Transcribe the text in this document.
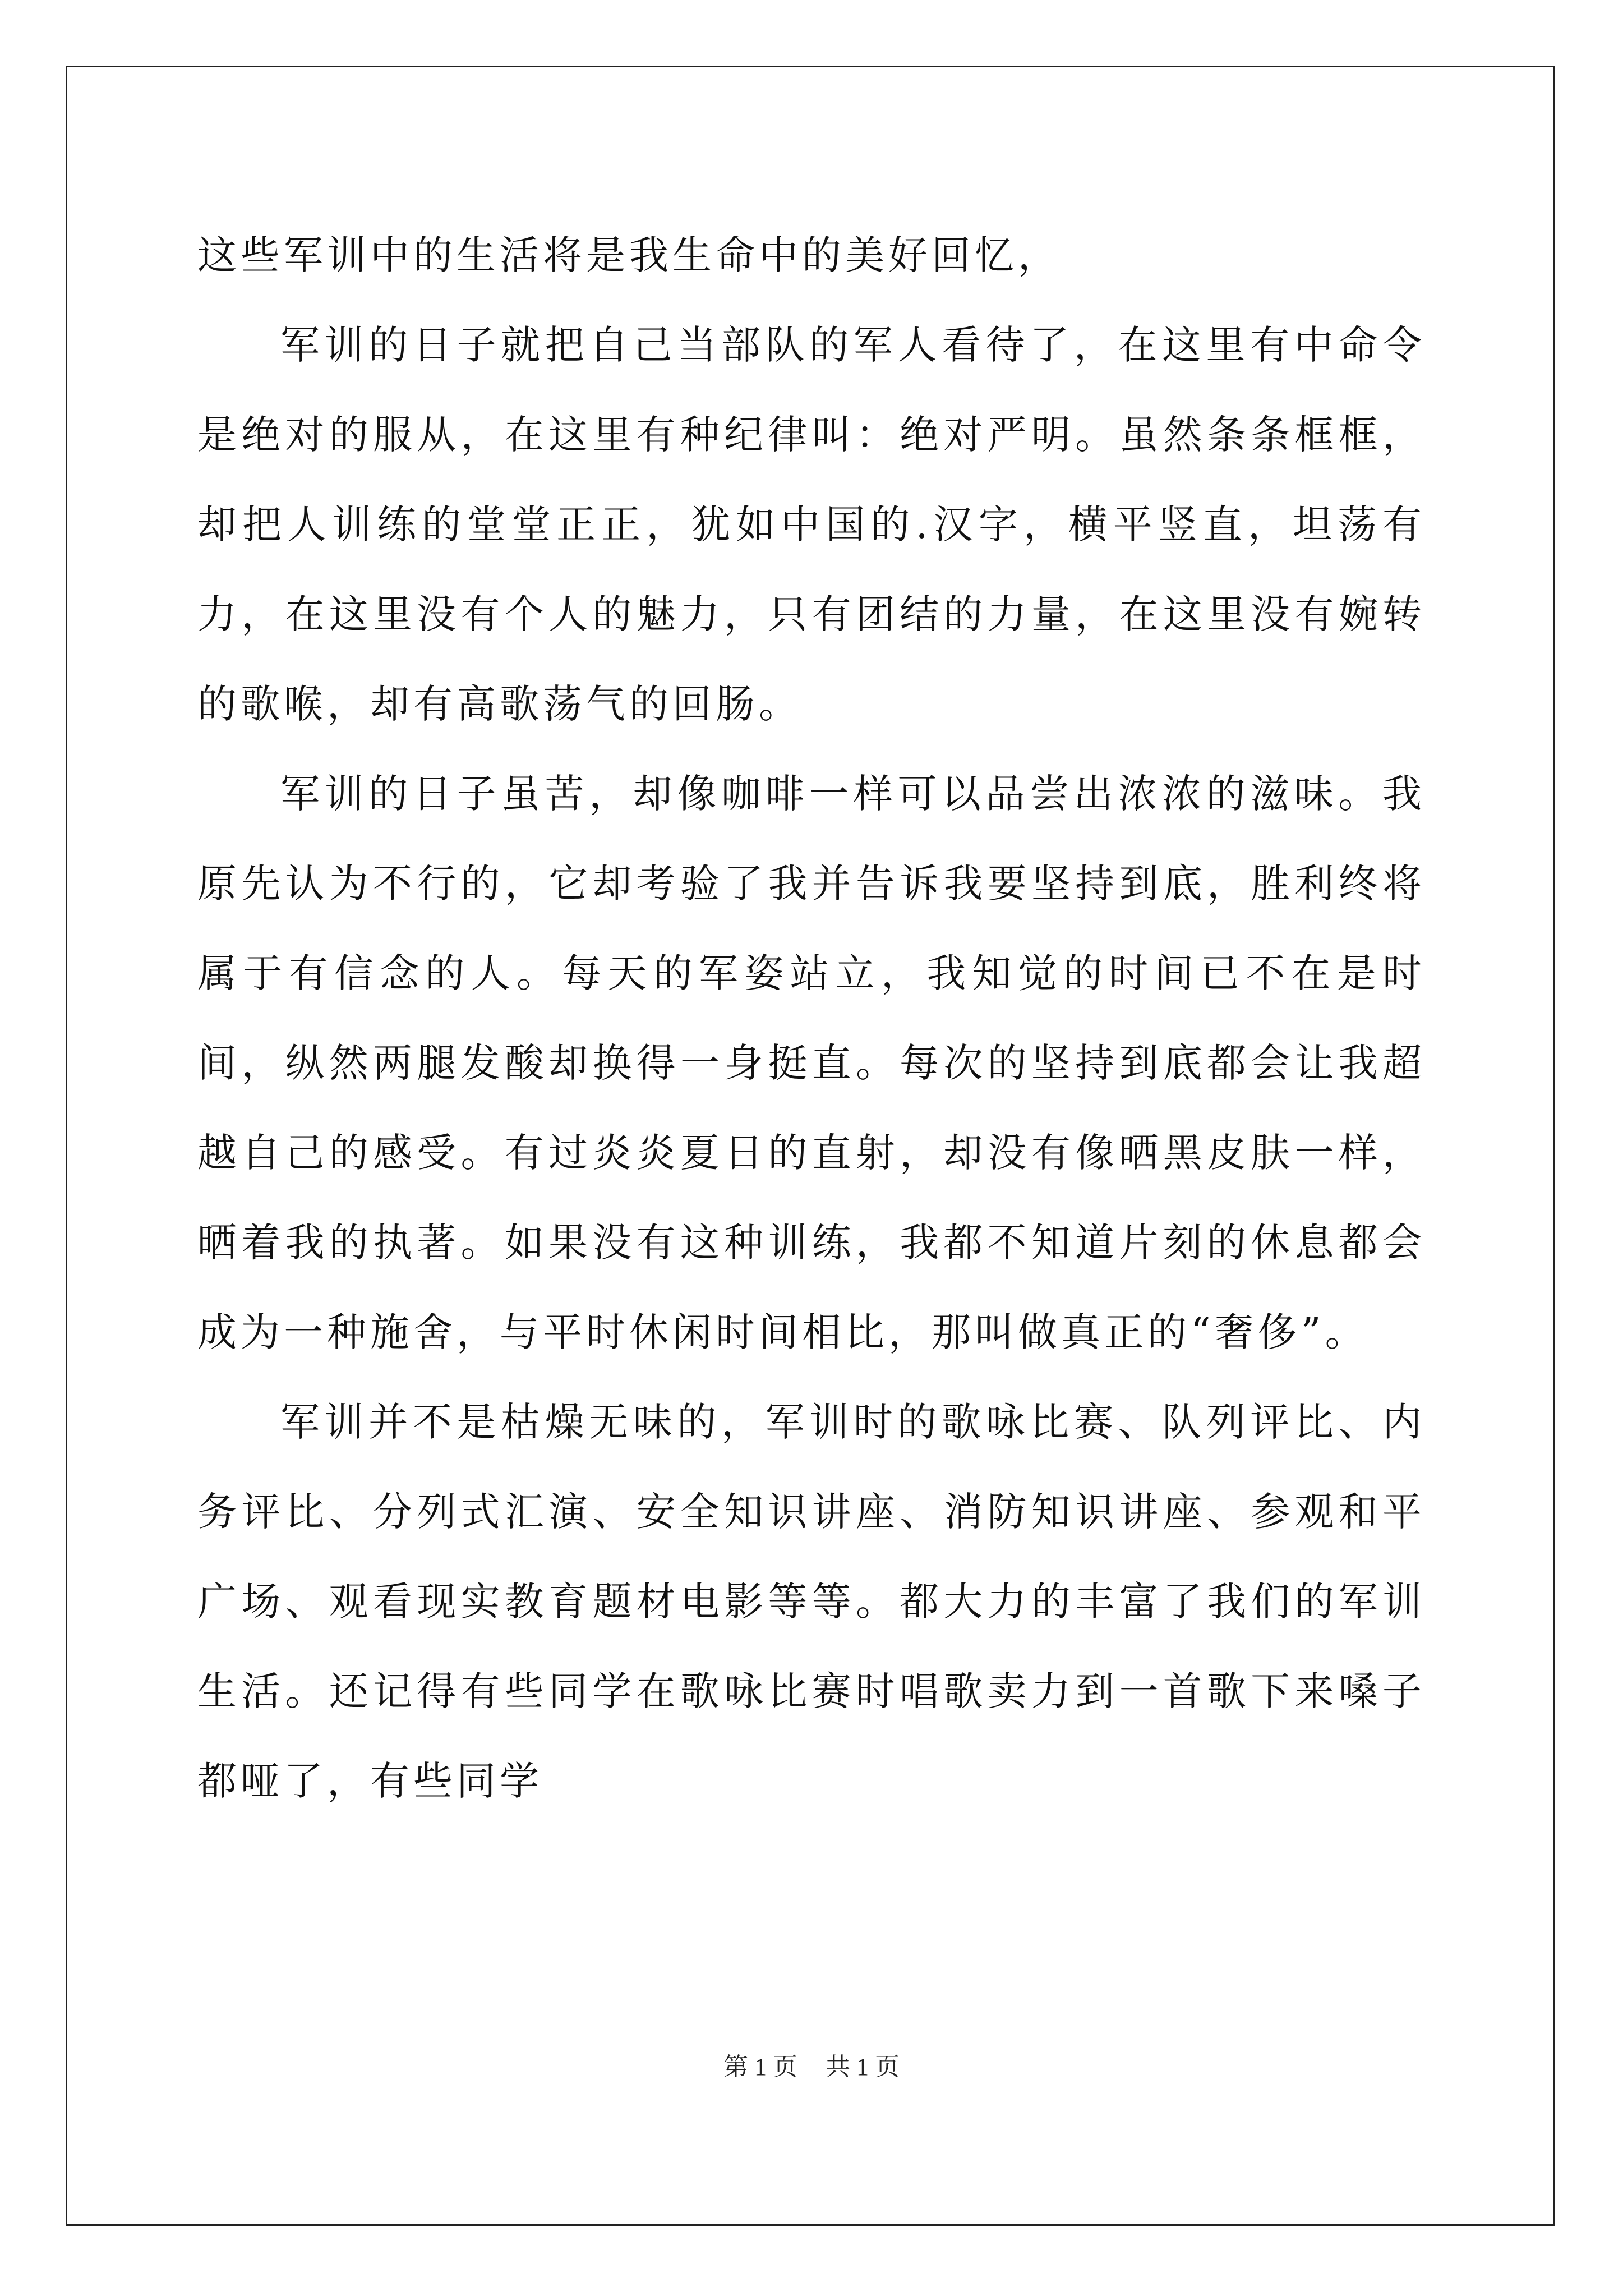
这些军训中的生活将是我生命中的美好回忆，

军训的日子就把自己当部队的军人看待了，在这里有中命令是绝对的服从，在这里有种纪律叫：绝对严明。虽然条条框框，却把人训练的堂堂正正，犹如中国的.汉字，横平竖直，坦荡有力，在这里没有个人的魅力，只有团结的力量，在这里没有婉转的歌喉，却有高歌荡气的回肠。

军训的日子虽苦，却像咖啡一样可以品尝出浓浓的滋味。我原先认为不行的，它却考验了我并告诉我要坚持到底，胜利终将属于有信念的人。每天的军姿站立，我知觉的时间已不在是时间，纵然两腿发酸却换得一身挺直。每次的坚持到底都会让我超越自己的感受。有过炎炎夏日的直射，却没有像晒黑皮肤一样，晒着我的执著。如果没有这种训练，我都不知道片刻的休息都会成为一种施舍，与平时休闲时间相比，那叫做真正的“奢侈”。

军训并不是枯燥无味的，军训时的歌咏比赛、队列评比、内务评比、分列式汇演、安全知识讲座、消防知识讲座、参观和平广场、观看现实教育题材电影等等。都大力的丰富了我们的军训生活。还记得有些同学在歌咏比赛时唱歌卖力到一首歌下来嗓子都哑了，有些同学

第 1 页 共 1 页
